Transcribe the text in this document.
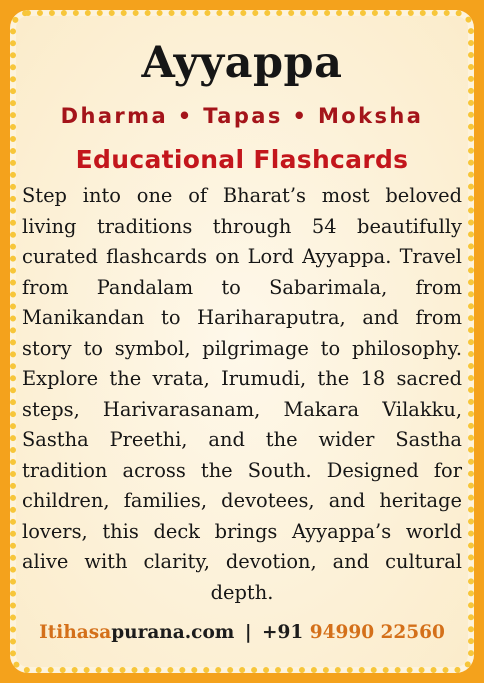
Ayyappa
Dharma • Tapas • Moksha
Educational Flashcards
Step into one of Bharat’s most beloved living traditions through 54 beautifully curated flashcards on Lord Ayyappa. Travel from Pandalam to Sabarimala, from Manikandan to Hariharaputra, and from story to symbol, pilgrimage to philosophy. Explore the vrata, Irumudi, the 18 sacred steps, Harivarasanam, Makara Vilakku, Sastha Preethi, and the wider Sastha tradition across the South. Designed for children, families, devotees, and heritage lovers, this deck brings Ayyappa’s world alive with clarity, devotion, and cultural depth.
Itihasapurana.com | +91 94990 22560
